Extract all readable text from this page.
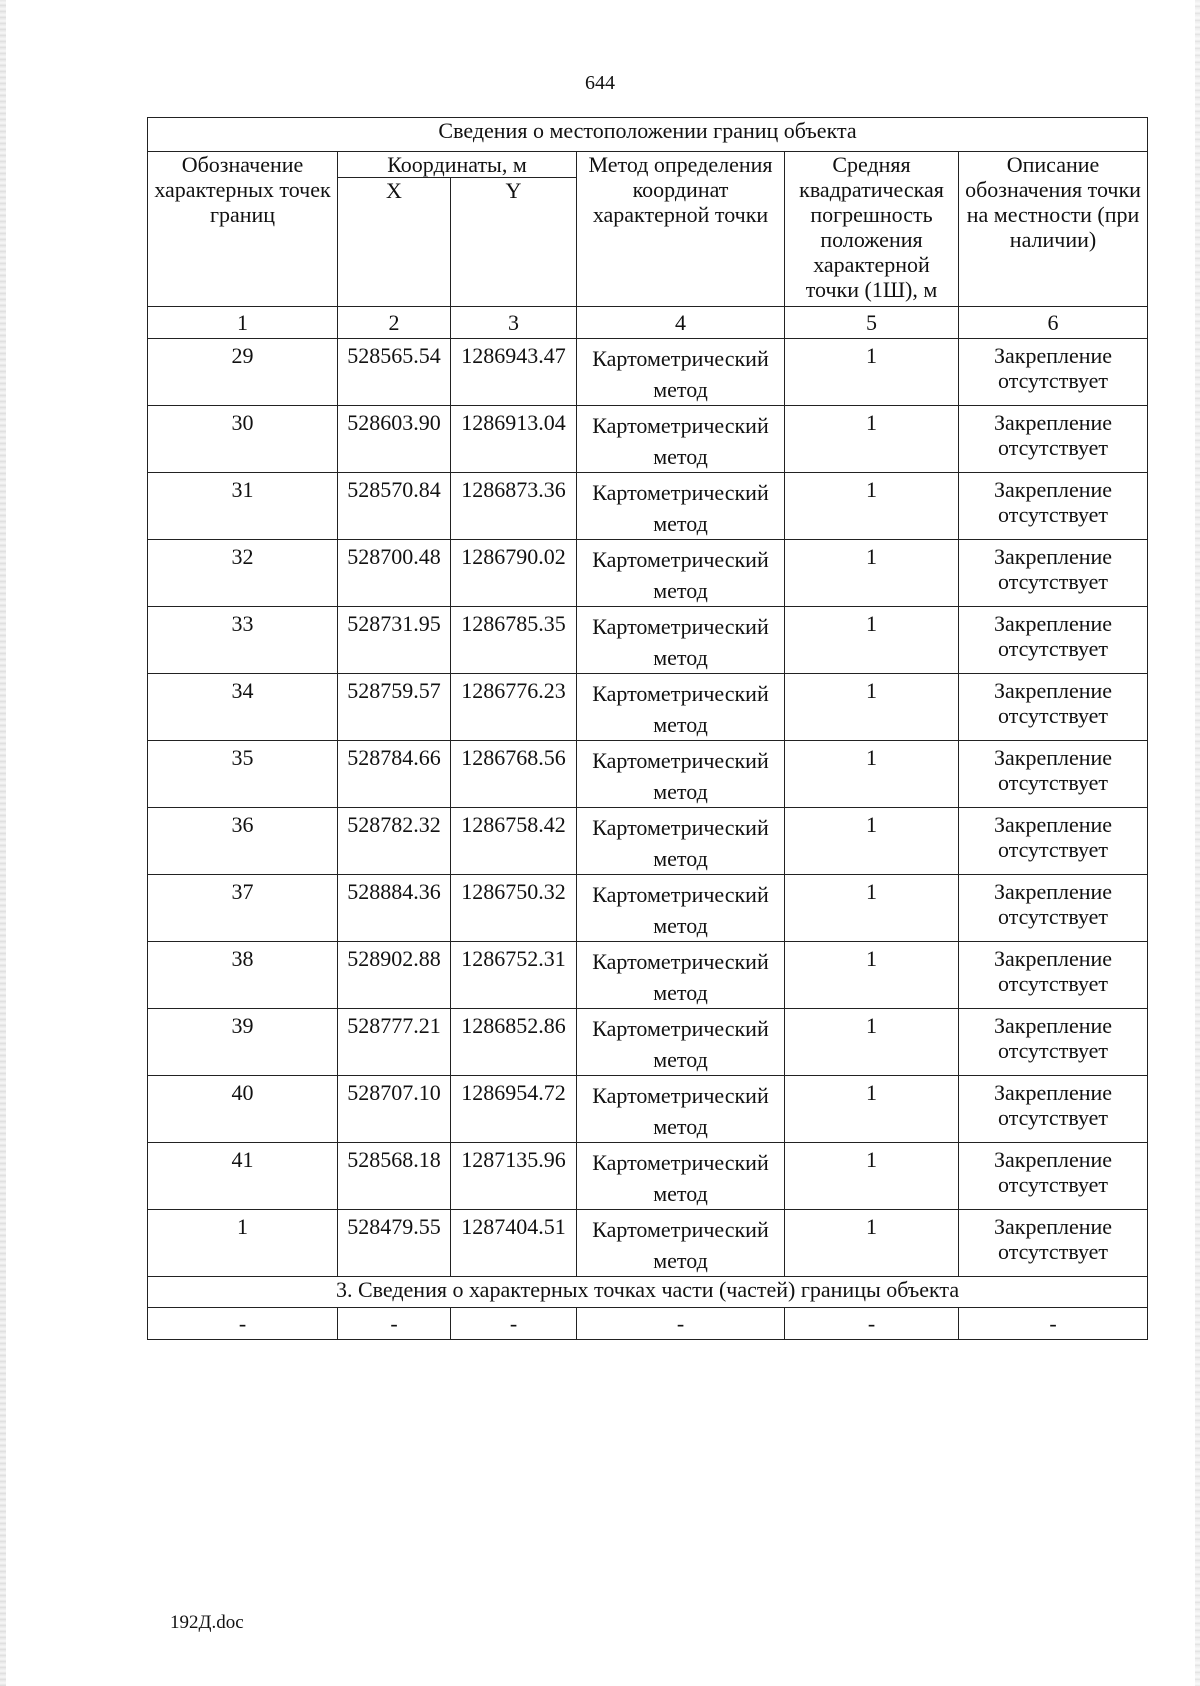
644
Сведения о местоположении границ объекта					
Обозначение характерных точек границ	Координаты, м		Метод определения координат характерной точки	Средняя квадратическая погрешность положения характерной точки (1Ш), м	Описание обозначения точки на местности (при наличии)
	X	Y			
1	2	3	4	5	6
29	528565.54	1286943.47	Картометрический метод	1	Закрепление отсутствует
30	528603.90	1286913.04	Картометрический метод	1	Закрепление отсутствует
31	528570.84	1286873.36	Картометрический метод	1	Закрепление отсутствует
32	528700.48	1286790.02	Картометрический метод	1	Закрепление отсутствует
33	528731.95	1286785.35	Картометрический метод	1	Закрепление отсутствует
34	528759.57	1286776.23	Картометрический метод	1	Закрепление отсутствует
35	528784.66	1286768.56	Картометрический метод	1	Закрепление отсутствует
36	528782.32	1286758.42	Картометрический метод	1	Закрепление отсутствует
37	528884.36	1286750.32	Картометрический метод	1	Закрепление отсутствует
38	528902.88	1286752.31	Картометрический метод	1	Закрепление отсутствует
39	528777.21	1286852.86	Картометрический метод	1	Закрепление отсутствует
40	528707.10	1286954.72	Картометрический метод	1	Закрепление отсутствует
41	528568.18	1287135.96	Картометрический метод	1	Закрепление отсутствует
1	528479.55	1287404.51	Картометрический метод	1	Закрепление отсутствует
3. Сведения о характерных точках части (частей) границы объекта					
-	-	-	-	-	-
192Д.doc
